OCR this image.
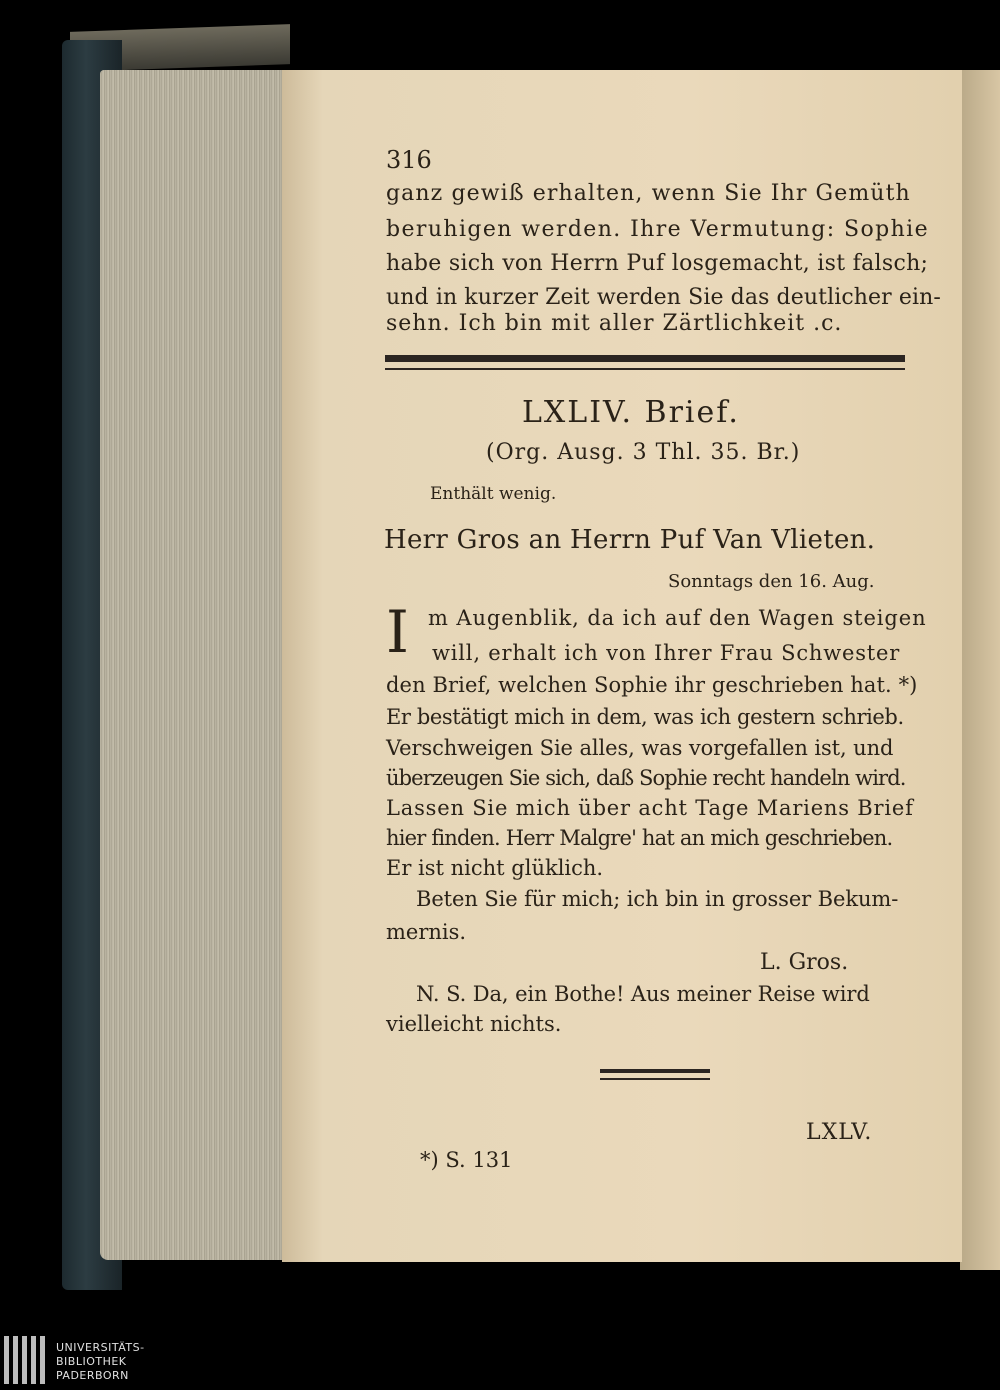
316
ganz gewiß erhalten, wenn Sie Ihr Gemüth
beruhigen werden. Ihre Vermutung: Sophie
habe sich von Herrn Puf losgemacht, ist falsch;
und in kurzer Zeit werden Sie das deutlicher ein-
sehn. Ich bin mit aller Zärtlichkeit .c.
LXLIV. Brief.
(Org. Ausg. 3 Thl. 35. Br.)
Enthält wenig.
Herr Gros an Herrn Puf Van Vlieten.
Sonntags den 16. Aug.
I m Augenblik, da ich auf den Wagen steigen
will, erhalt ich von Ihrer Frau Schwester
den Brief, welchen Sophie ihr geschrieben hat. *)
Er bestätigt mich in dem, was ich gestern schrieb.
Verschweigen Sie alles, was vorgefallen ist, und
überzeugen Sie sich, daß Sophie recht handeln wird.
Lassen Sie mich über acht Tage Mariens Brief
hier finden. Herr Malgre' hat an mich geschrieben.
Er ist nicht glüklich.
Beten Sie für mich; ich bin in grosser Bekum-
mernis.
L. Gros.
N. S. Da, ein Bothe! Aus meiner Reise wird
vielleicht nichts.
*) S. 131
LXLV.
UNIVERSITÄTS-
BIBLIOTHEK
PADERBORN
